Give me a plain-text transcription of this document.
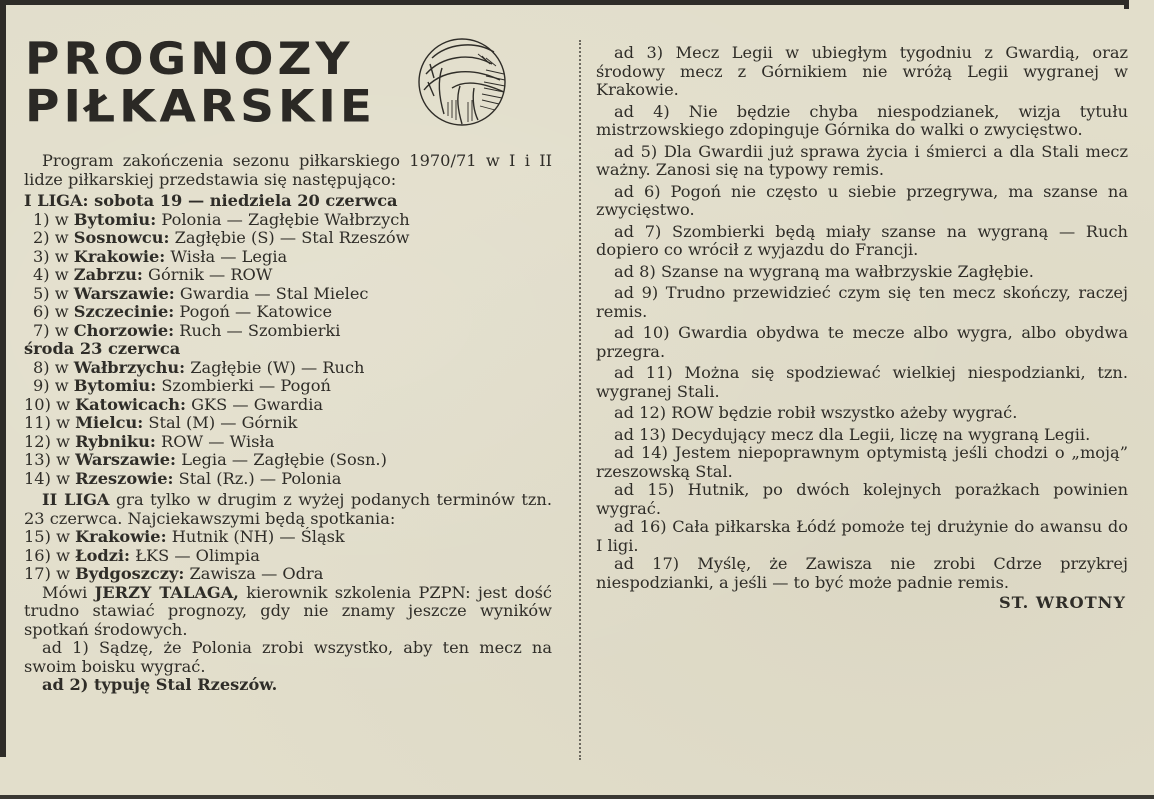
PROGNOZY
PIŁKARSKIE

Program zakończenia sezonu piłkarskiego 1970/71 w I i II lidze piłkarskiej przedstawia się następująco:

I LIGA: sobota 19 — niedziela 20 czerwca
1) w Bytomiu: Polonia — Zagłębie Wałbrzych
2) w Sosnowcu: Zagłębie (S) — Stal Rzeszów
3) w Krakowie: Wisła — Legia
4) w Zabrzu: Górnik — ROW
5) w Warszawie: Gwardia — Stal Mielec
6) w Szczecinie: Pogoń — Katowice
7) w Chorzowie: Ruch — Szombierki
środa 23 czerwca
8) w Wałbrzychu: Zagłębie (W) — Ruch
9) w Bytomiu: Szombierki — Pogoń
10) w Katowicach: GKS — Gwardia
11) w Mielcu: Stal (M) — Górnik
12) w Rybniku: ROW — Wisła
13) w Warszawie: Legia — Zagłębie (Sosn.)
14) w Rzeszowie: Stal (Rz.) — Polonia

II LIGA gra tylko w drugim z wyżej podanych terminów tzn. 23 czerwca. Najciekawszymi będą spotkania:

15) w Krakowie: Hutnik (NH) — Śląsk
16) w Łodzi: ŁKS — Olimpia
17) w Bydgoszczy: Zawisza — Odra

Mówi JERZY TALAGA, kierownik szkolenia PZPN: jest dość trudno stawiać prognozy, gdy nie znamy jeszcze wyników spotkań środowych.

ad 1) Sądzę, że Polonia zrobi wszystko, aby ten mecz na swoim boisku wygrać.

ad 2) typuję Stal Rzeszów.

ad 3) Mecz Legii w ubiegłym tygodniu z Gwardią, oraz środowy mecz z Górnikiem nie wróżą Legii wygranej w Krakowie.

ad 4) Nie będzie chyba niespodzianek, wizja tytułu mistrzowskiego zdopinguje Górnika do walki o zwycięstwo.

ad 5) Dla Gwardii już sprawa życia i śmierci a dla Stali mecz ważny. Zanosi się na typowy remis.

ad 6) Pogoń nie często u siebie przegrywa, ma szanse na zwycięstwo.

ad 7) Szombierki będą miały szanse na wygraną — Ruch dopiero co wrócił z wyjazdu do Francji.

ad 8) Szanse na wygraną ma wałbrzyskie Zagłębie.

ad 9) Trudno przewidzieć czym się ten mecz skończy, raczej remis.

ad 10) Gwardia obydwa te mecze albo wygra, albo obydwa przegra.

ad 11) Można się spodziewać wielkiej niespodzianki, tzn. wygranej Stali.

ad 12) ROW będzie robił wszystko ażeby wygrać.

ad 13) Decydujący mecz dla Legii, liczę na wygraną Legii.

ad 14) Jestem niepoprawnym optymistą jeśli chodzi o „moją” rzeszowską Stal.

ad 15) Hutnik, po dwóch kolejnych porażkach powinien wygrać.

ad 16) Cała piłkarska Łódź pomoże tej drużynie do awansu do I ligi.

ad 17) Myślę, że Zawisza nie zrobi Cdrze przykrej niespodzianki, a jeśli — to być może padnie remis.

ST. WROTNY
